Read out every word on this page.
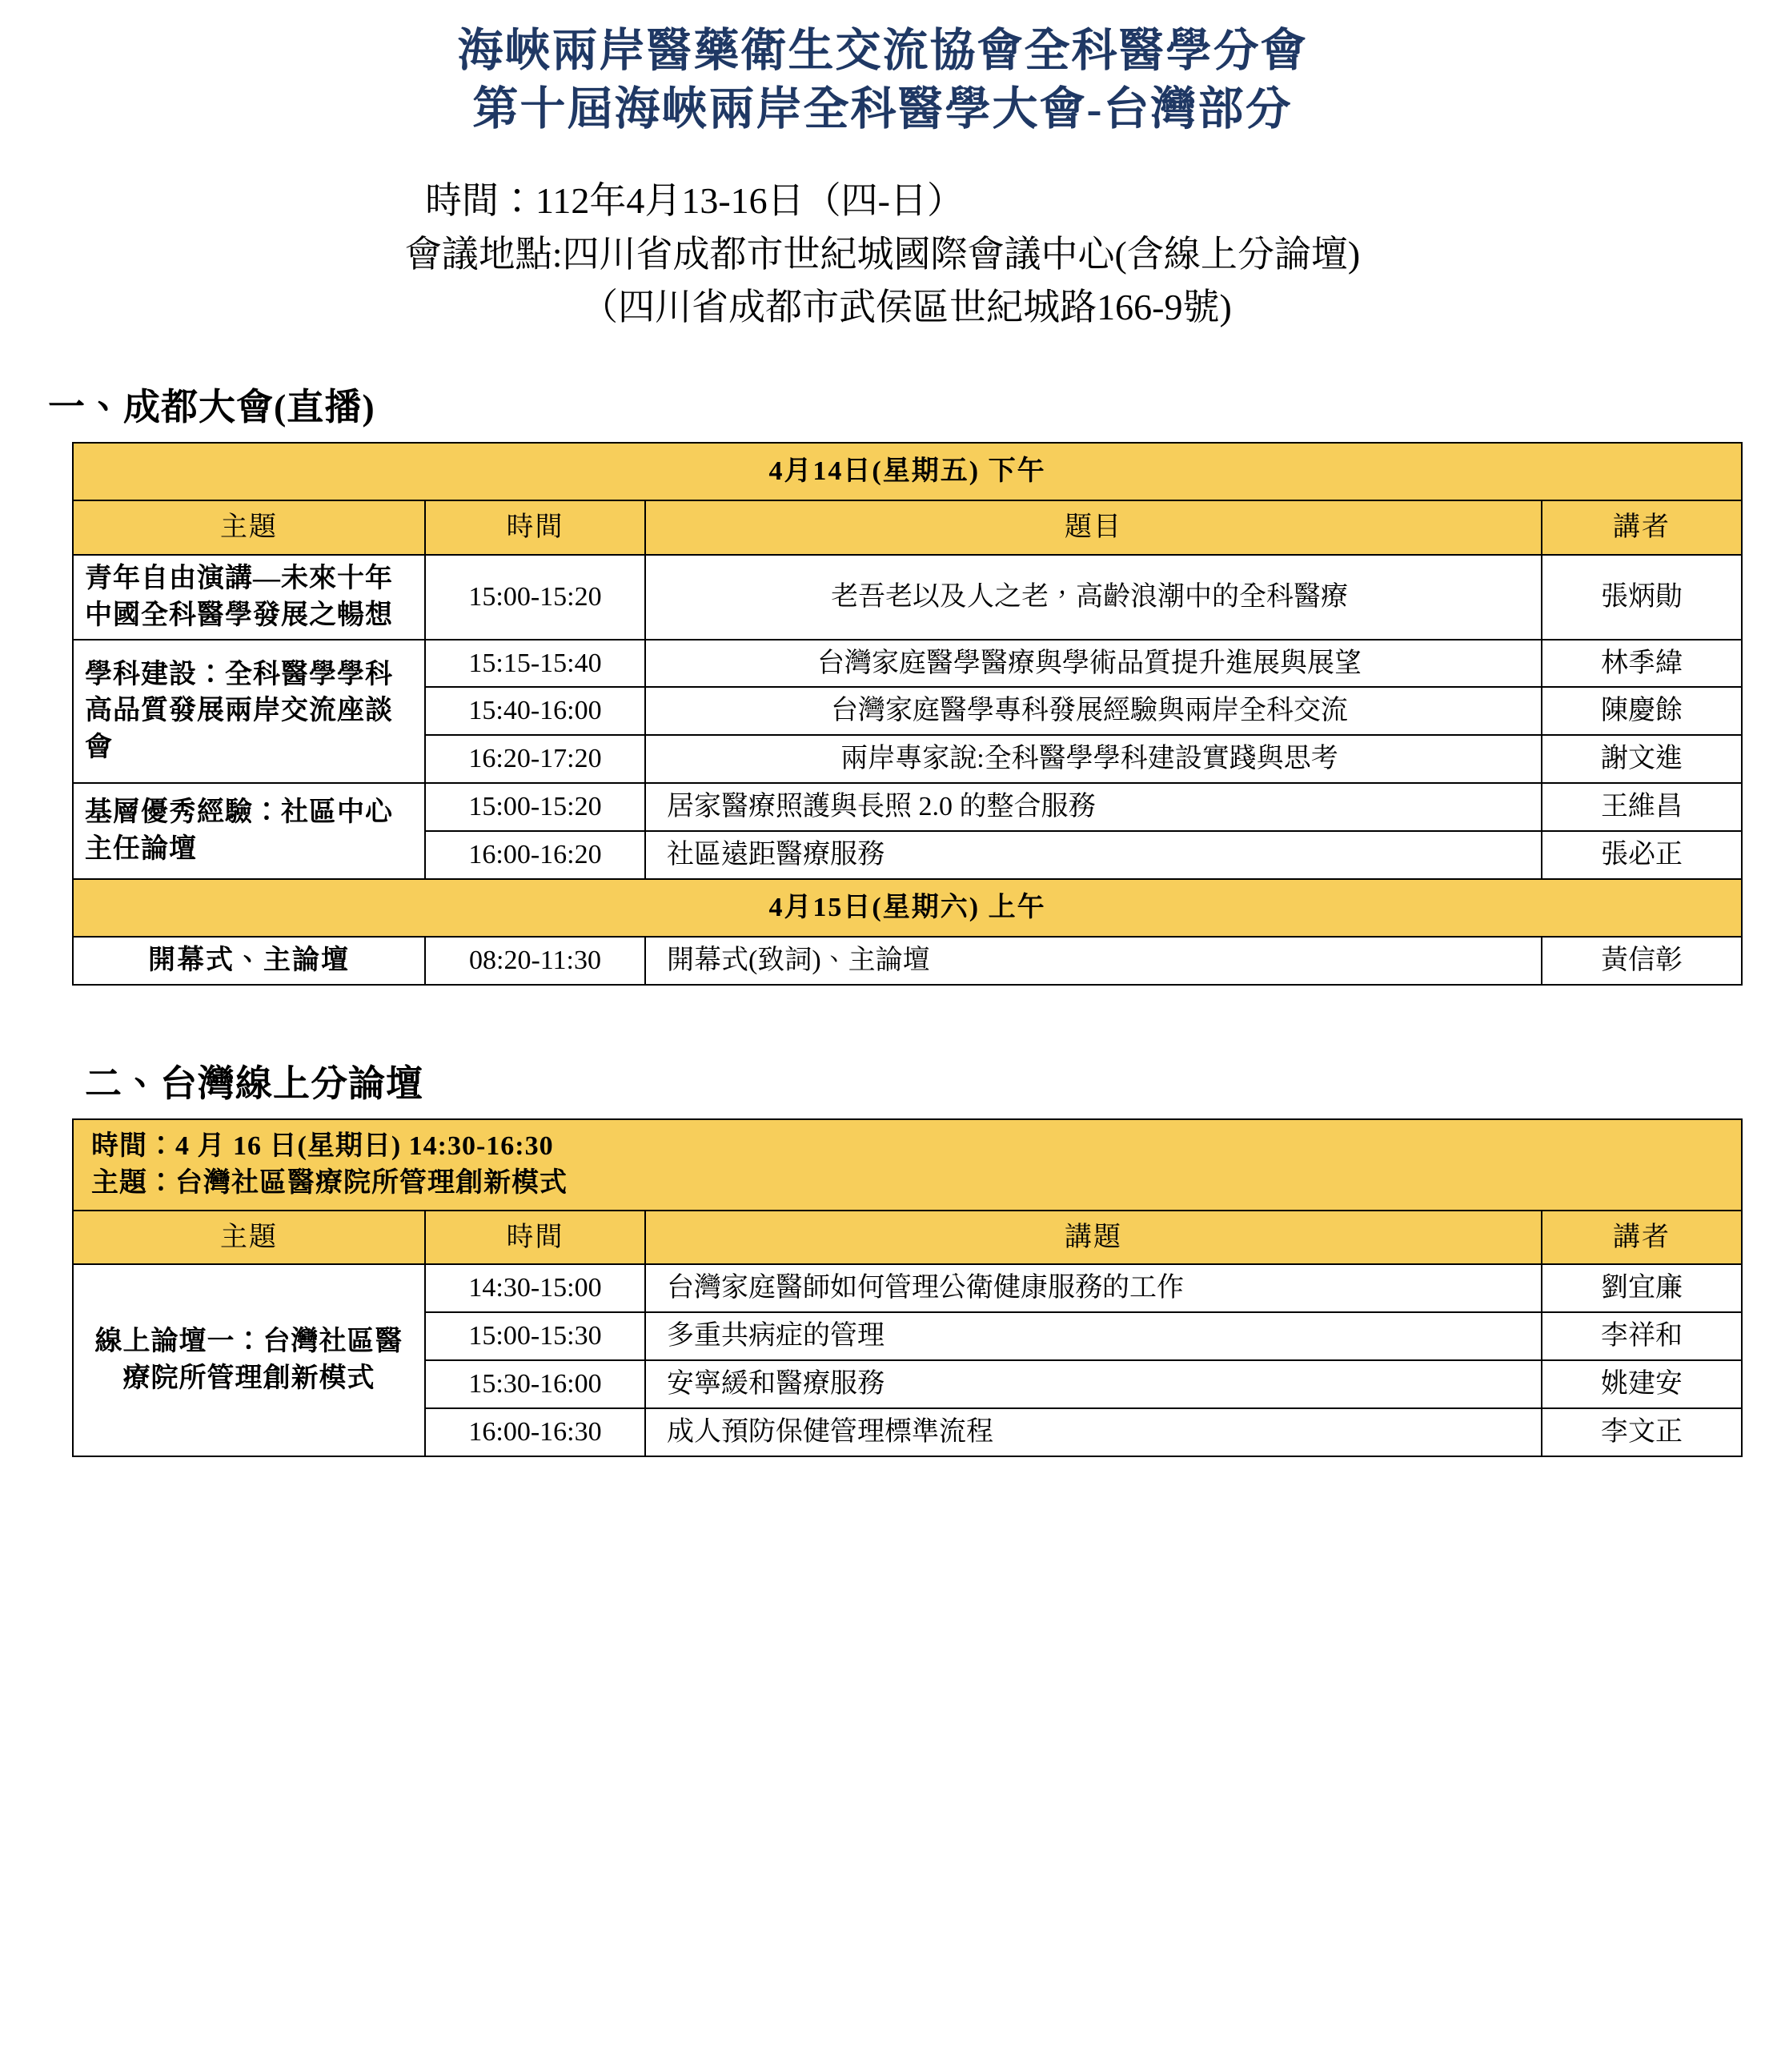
海峽兩岸醫藥衛生交流協會全科醫學分會
第十屆海峽兩岸全科醫學大會-台灣部分
時間：112年4月13-16日（四-日）
會議地點:四川省成都市世紀城國際會議中心(含線上分論壇)
（四川省成都市武侯區世紀城路166-9號)
一、成都大會(直播)
4月14日(星期五) 下午			
主題	時間	題目	講者
青年自由演講—未來十年中國全科醫學發展之暢想	15:00-15:20	老吾老以及人之老，高齡浪潮中的全科醫療	張炳勛
學科建設：全科醫學學科高品質發展兩岸交流座談會	15:15-15:40	台灣家庭醫學醫療與學術品質提升進展與展望	林季緯
	15:40-16:00	台灣家庭醫學專科發展經驗與兩岸全科交流	陳慶餘
	16:20-17:20	兩岸專家說:全科醫學學科建設實踐與思考	謝文進
基層優秀經驗：社區中心主任論壇	15:00-15:20	居家醫療照護與長照 2.0 的整合服務	王維昌
	16:00-16:20	社區遠距醫療服務	張必正
4月15日(星期六) 上午			
開幕式、主論壇	08:20-11:30	開幕式(致詞)、主論壇	黃信彰
二、台灣線上分論壇
時間：4 月 16 日(星期日) 14:30-16:30
主題：台灣社區醫療院所管理創新模式			

主題	時間	講題	講者
線上論壇一：台灣社區醫療院所管理創新模式	14:30-15:00	台灣家庭醫師如何管理公衛健康服務的工作	劉宜廉
	15:00-15:30	多重共病症的管理	李祥和
	15:30-16:00	安寧緩和醫療服務	姚建安
	16:00-16:30	成人預防保健管理標準流程	李文正
